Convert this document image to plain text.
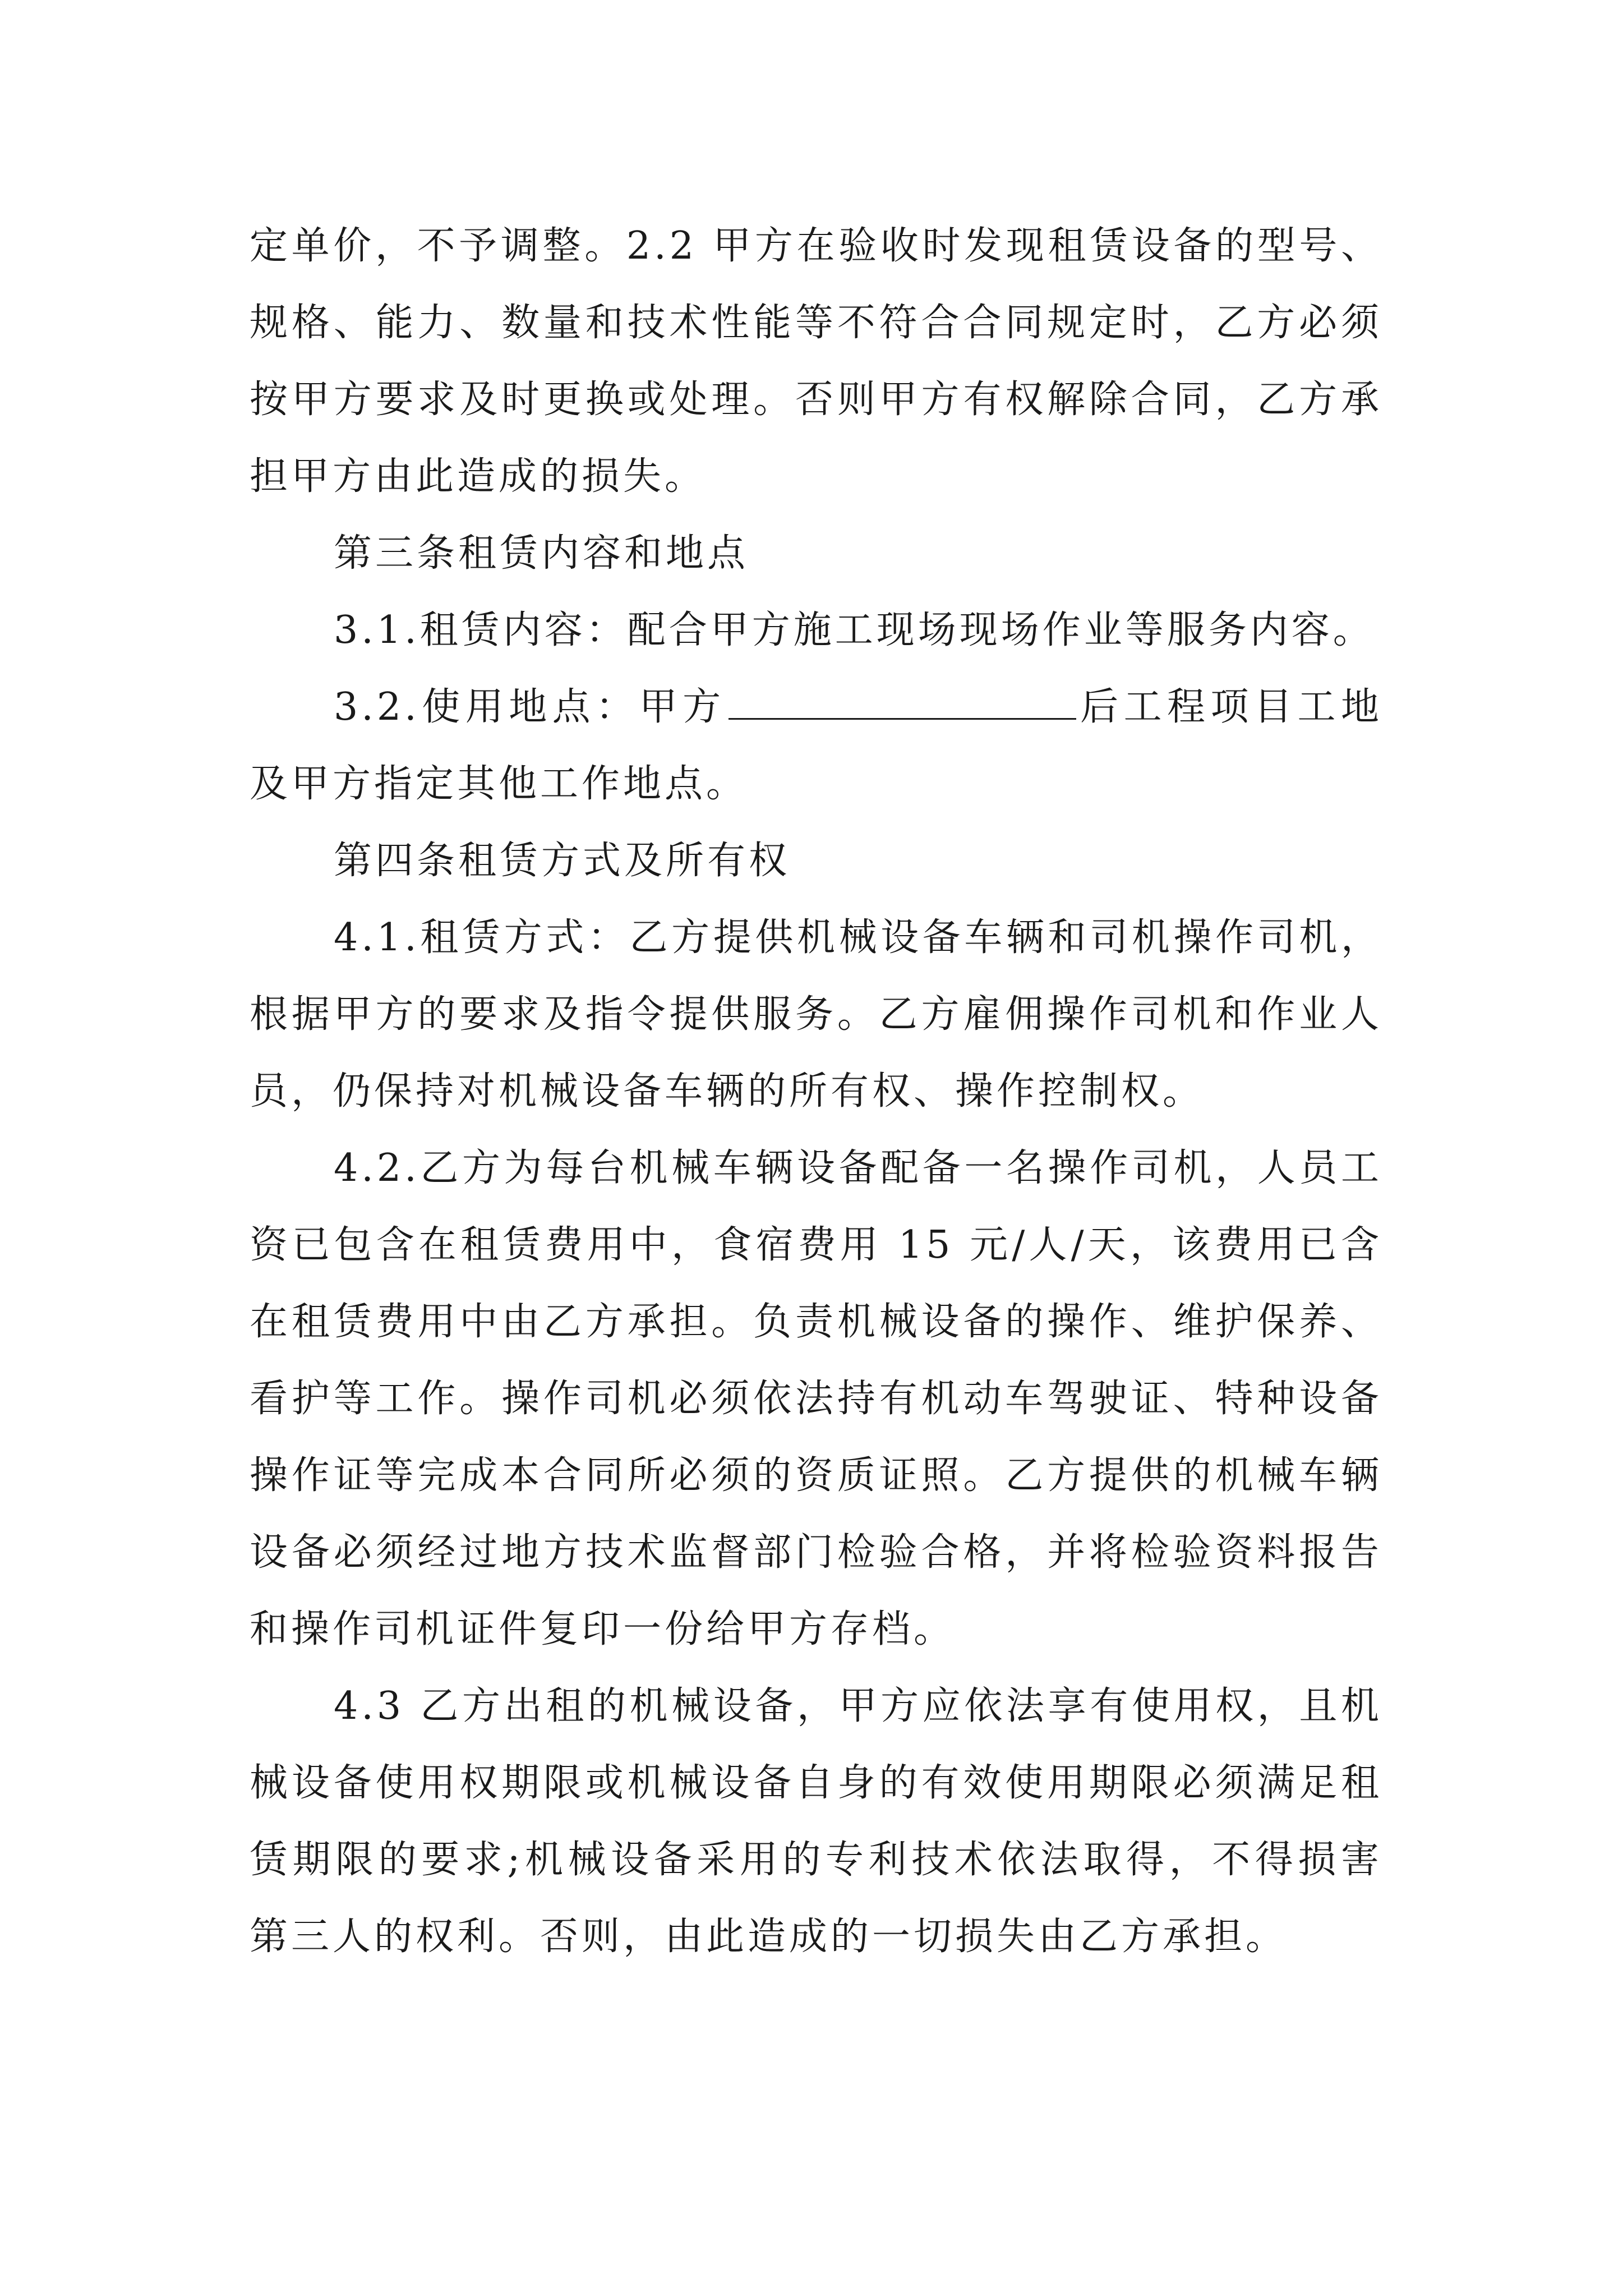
定单价，不予调整。2.2 甲方在验收时发现租赁设备的型号、规格、能力、数量和技术性能等不符合合同规定时，乙方必须按甲方要求及时更换或处理。否则甲方有权解除合同，乙方承担甲方由此造成的损失。

第三条租赁内容和地点

3.1.租赁内容：配合甲方施工现场现场作业等服务内容。

3.2.使用地点：甲方	后工程项目工地及甲方指定其他工作地点。

第四条租赁方式及所有权

4.1.租赁方式：乙方提供机械设备车辆和司机操作司机，根据甲方的要求及指令提供服务。乙方雇佣操作司机和作业人员，仍保持对机械设备车辆的所有权、操作控制权。

4.2.乙方为每台机械车辆设备配备一名操作司机，人员工资已包含在租赁费用中，食宿费用 15 元/人/天，该费用已含在租赁费用中由乙方承担。负责机械设备的操作、维护保养、看护等工作。操作司机必须依法持有机动车驾驶证、特种设备操作证等完成本合同所必须的资质证照。乙方提供的机械车辆设备必须经过地方技术监督部门检验合格，并将检验资料报告和操作司机证件复印一份给甲方存档。

4.3 乙方出租的机械设备，甲方应依法享有使用权，且机械设备使用权期限或机械设备自身的有效使用期限必须满足租赁期限的要求;机械设备采用的专利技术依法取得，不得损害第三人的权利。否则，由此造成的一切损失由乙方承担。
